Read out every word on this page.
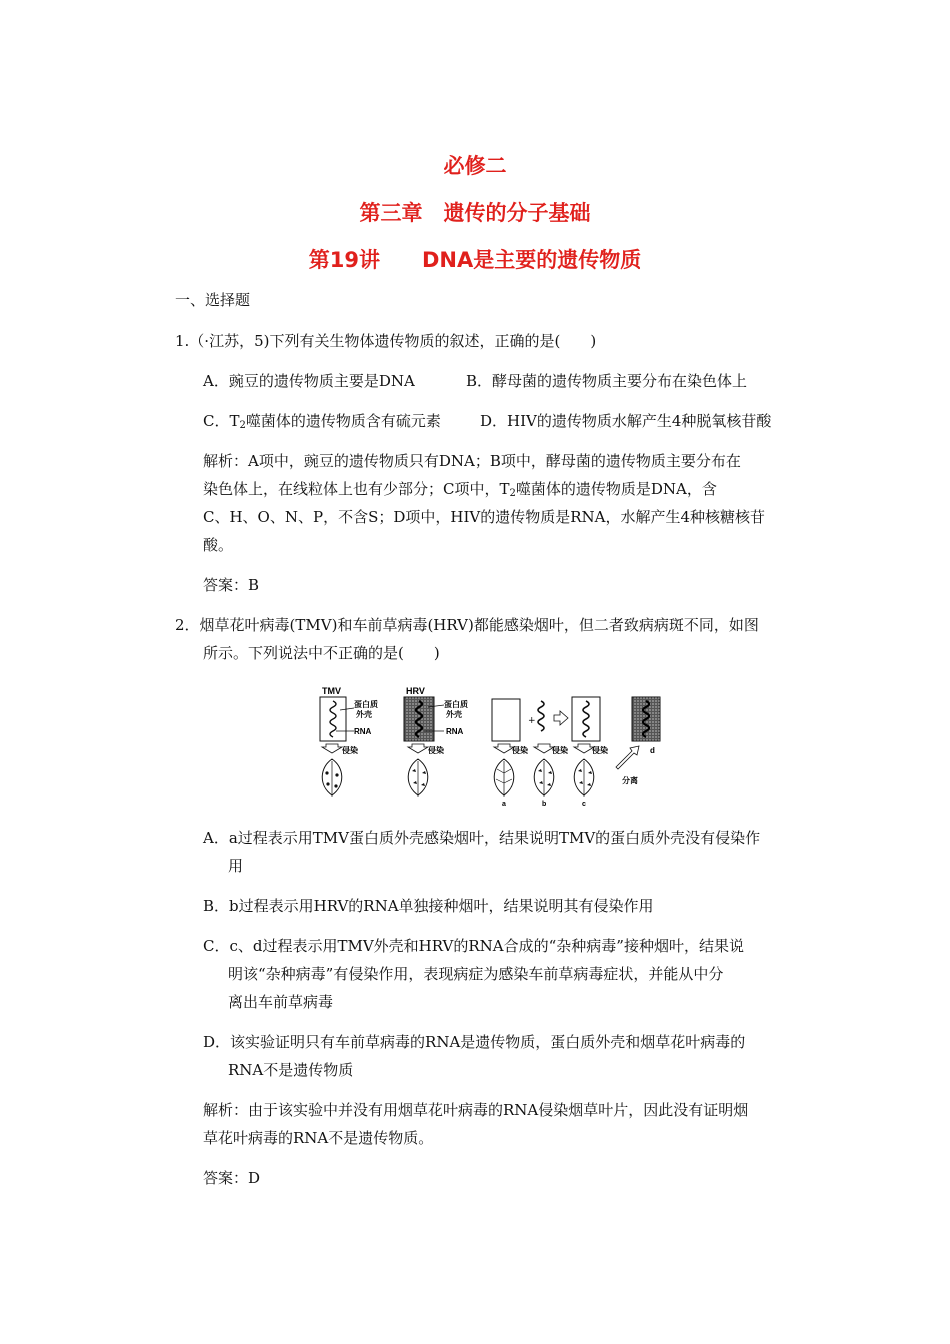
必修二
第三章　遗传的分子基础
第19讲　　DNA是主要的遗传物质
一、选择题
1.（·江苏，5)下列有关生物体遗传物质的叙述，正确的是(　　)
A．豌豆的遗传物质主要是DNA	B．酵母菌的遗传物质主要分布在染色体上
C．$T_2$噬菌体的遗传物质含有硫元素	D．HIV的遗传物质水解产生4种脱氧核苷酸
解析：A项中，豌豆的遗传物质只有DNA；B项中，酵母菌的遗传物质主要分布在
染色体上，在线粒体上也有少部分；C项中，$T_2$噬菌体的遗传物质是DNA，含
C、H、O、N、P，不含S；D项中，HIV的遗传物质是RNA，水解产生4种核糖核苷
酸。
答案：B
2．烟草花叶病毒(TMV)和车前草病毒(HRV)都能感染烟叶，但二者致病病斑不同，如图
所示。下列说法中不正确的是(　　)
TMV
蛋白质
外壳
RNA
侵染
HRV
蛋白质
外壳
RNA
侵染
+
d
侵染	侵染	侵染
分离
a	b	c
A．a过程表示用TMV蛋白质外壳感染烟叶，结果说明TMV的蛋白质外壳没有侵染作
用
B．b过程表示用HRV的RNA单独接种烟叶，结果说明其有侵染作用
C．c、d过程表示用TMV外壳和HRV的RNA合成的“杂种病毒”接种烟叶，结果说
明该“杂种病毒”有侵染作用，表现病症为感染车前草病毒症状，并能从中分
离出车前草病毒
D．该实验证明只有车前草病毒的RNA是遗传物质，蛋白质外壳和烟草花叶病毒的
RNA不是遗传物质
解析：由于该实验中并没有用烟草花叶病毒的RNA侵染烟草叶片，因此没有证明烟
草花叶病毒的RNA不是遗传物质。
答案：D
